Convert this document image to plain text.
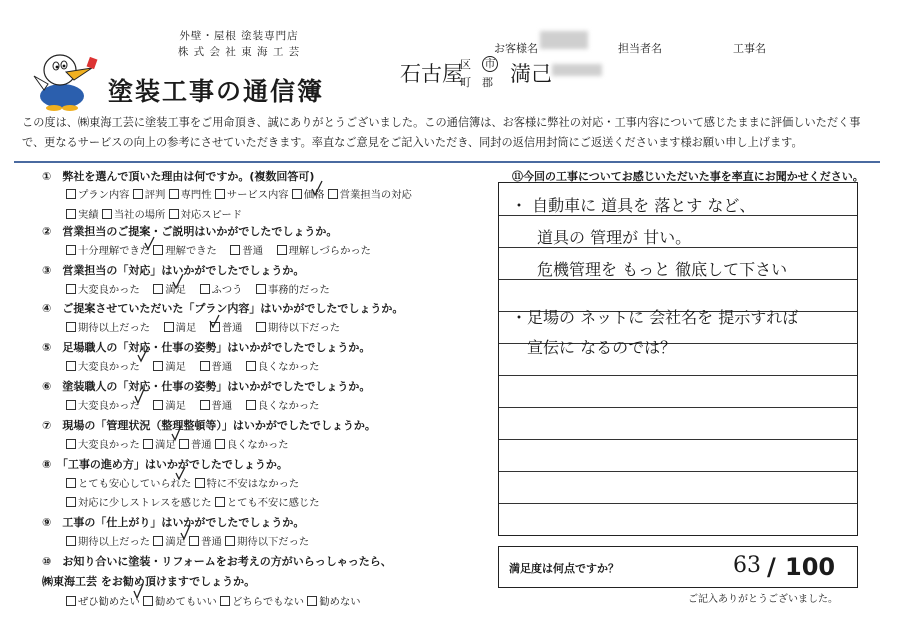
外壁・屋根 塗装専門店
株 式 会 社 東 海 工 芸
塗装工事の通信簿
石古屋
区
町
市
郡 満己
お客様名	担当者名	工事名
この度は、㈱東海工芸に塗装工事をご用命頂き、誠にありがとうございました。この通信簿は、お客様に弊社の対応・工事内容について感じたままに評価しいただく事で、更なるサービスの向上の参考にさせていただきます。率直なご意見をご記入いただき、同封の返信用封筒にご返送くださいます様お願い申し上げます。
①　 弊社を選んで頂いた理由は何ですか。(複数回答可)
プラン内容 評判 専門性 サービス内容 価格 営業担当の対応
実績 当社の場所 対応スピード
②　 営業担当のご提案・ご説明はいかがでしたでしょうか。
十分理解できた 理解できた　 普通　 理解しづらかった
③　 営業担当の「対応」はいかがでしたでしょうか。
大変良かった　 満足　 ふつう　 事務的だった
④　 ご提案させていただいた「プラン内容」はいかがでしたでしょうか。
期待以上だった　 満足　 普通　 期待以下だった
⑤　 足場職人の「対応・仕事の姿勢」はいかがでしたでしょうか。
大変良かった　 満足　 普通　 良くなかった
⑥　 塗装職人の「対応・仕事の姿勢」はいかがでしたでしょうか。
大変良かった　 満足　 普通　 良くなかった
⑦　 現場の「管理状況（整理整頓等）」はいかがでしたでしょうか。
大変良かった 満足 普通 良くなかった
⑧　 「工事の進め方」はいかがでしたでしょうか。
とても安心していられた 特に不安はなかった
対応に少しストレスを感じた とても不安に感じた
⑨　 工事の「仕上がり」はいかがでしたでしょうか。
期待以上だった 満足 普通 期待以下だった
⑩　 お知り合いに塗装・リフォームをお考えの方がいらっしゃったら、
㈱東海工芸 をお勧め頂けますでしょうか。
ぜひ勧めたい 勧めてもいい どちらでもない 勧めない
⑪今回の工事についてお感じいただいた事を率直にお聞かせください。
・ 自動車に 道具を 落とす など、
道具の 管理が 甘い。
危機管理を もっと 徹底して下さい
・足場の ネットに 会社名を 提示すれば
宣伝に なるのでは？
満足度は何点ですか？	63 / 100
ご記入ありがとうございました。
